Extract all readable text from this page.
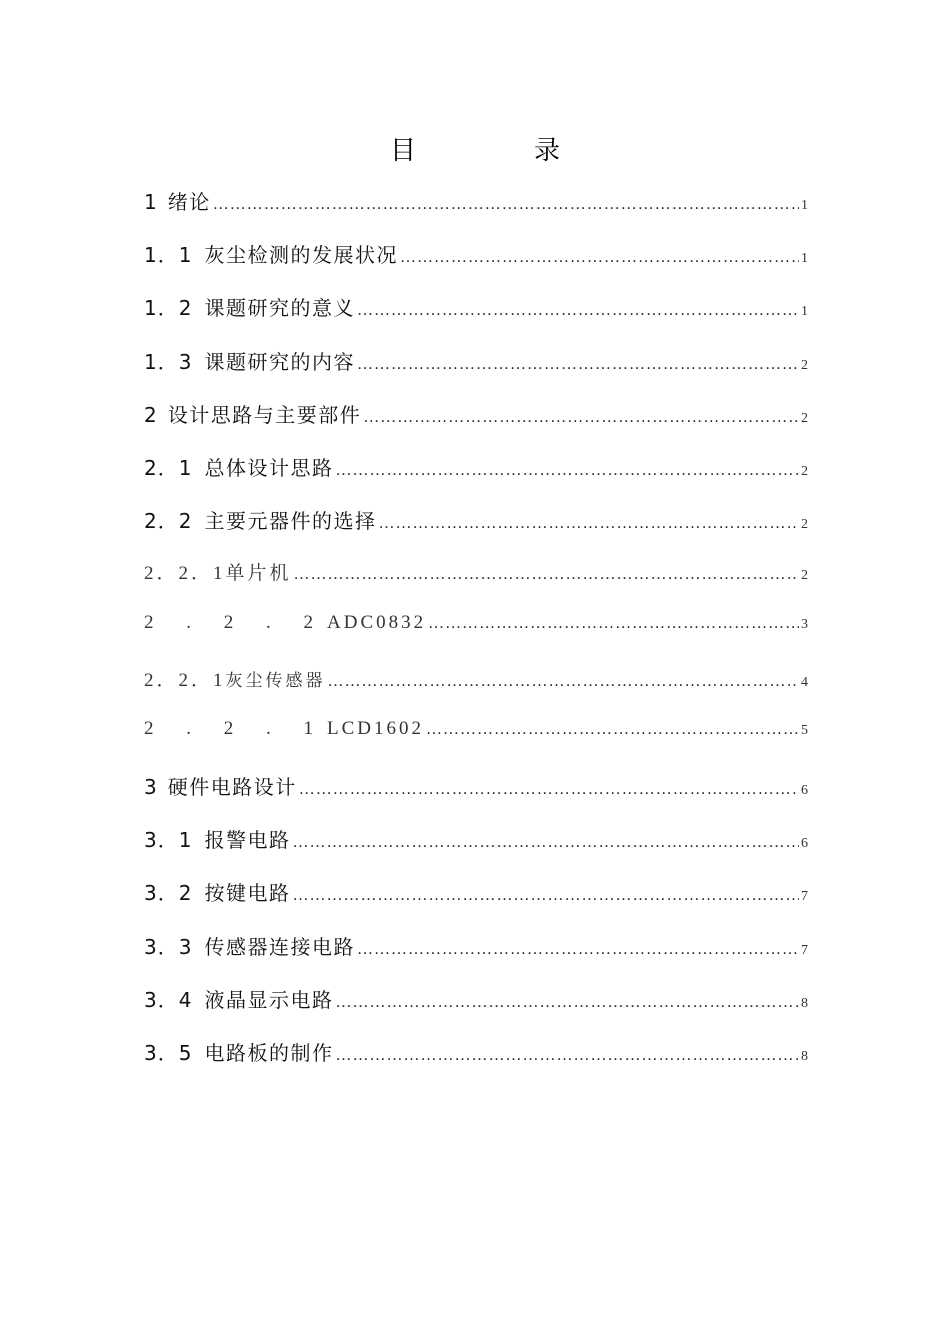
目　录
1 绪论 ……………………………………………………………………………………………………………………………………………………………………………………	1
1．1 灰尘检测的发展状况 ……………………………………………………………………………………………………………………………………………………………………………………	1
1．2 课题研究的意义 ……………………………………………………………………………………………………………………………………………………………………………………	1
1．3 课题研究的内容 ……………………………………………………………………………………………………………………………………………………………………………………	2
2 设计思路与主要部件 ……………………………………………………………………………………………………………………………………………………………………………………	2
2．1 总体设计思路 ……………………………………………………………………………………………………………………………………………………………………………………	2
2．2 主要元器件的选择 ……………………………………………………………………………………………………………………………………………………………………………………	2
2．2．1 单片机 ……………………………………………………………………………………………………………………………………………………………………………………	2
2 . 2 . 2 ADC0832 ……………………………………………………………………………………………………………………………………………………………………………………	3
2．2．1 灰尘传感器 ……………………………………………………………………………………………………………………………………………………………………………………	4
2 . 2 . 1 LCD1602 ……………………………………………………………………………………………………………………………………………………………………………………	5
3 硬件电路设计 ……………………………………………………………………………………………………………………………………………………………………………………	6
3．1 报警电路 ……………………………………………………………………………………………………………………………………………………………………………………	6
3．2 按键电路 ……………………………………………………………………………………………………………………………………………………………………………………	7
3．3 传感器连接电路 ……………………………………………………………………………………………………………………………………………………………………………………	7
3．4 液晶显示电路 ……………………………………………………………………………………………………………………………………………………………………………………	8
3．5 电路板的制作 ……………………………………………………………………………………………………………………………………………………………………………………	8
